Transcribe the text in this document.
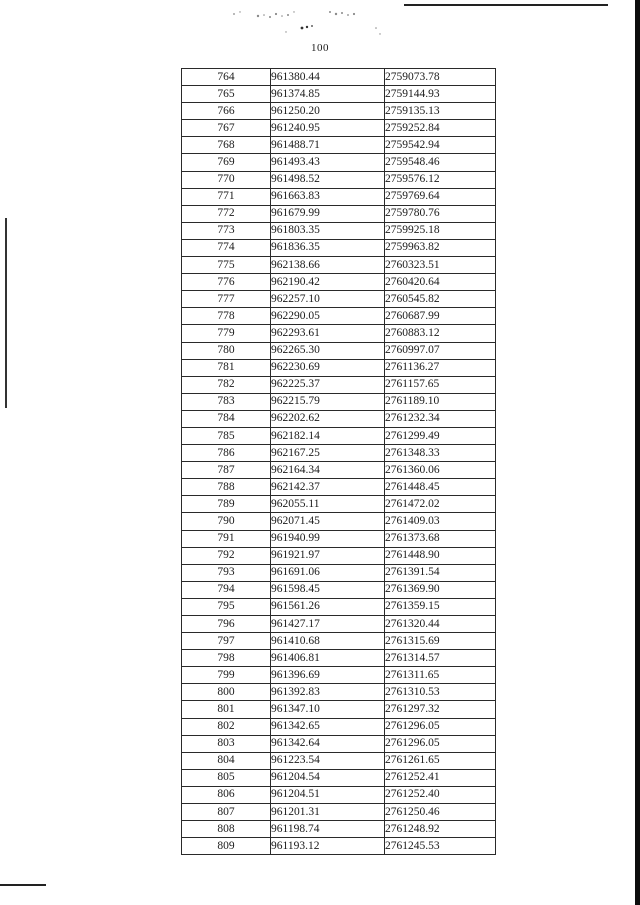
100
764	961380.44	2759073.78
765	961374.85	2759144.93
766	961250.20	2759135.13
767	961240.95	2759252.84
768	961488.71	2759542.94
769	961493.43	2759548.46
770	961498.52	2759576.12
771	961663.83	2759769.64
772	961679.99	2759780.76
773	961803.35	2759925.18
774	961836.35	2759963.82
775	962138.66	2760323.51
776	962190.42	2760420.64
777	962257.10	2760545.82
778	962290.05	2760687.99
779	962293.61	2760883.12
780	962265.30	2760997.07
781	962230.69	2761136.27
782	962225.37	2761157.65
783	962215.79	2761189.10
784	962202.62	2761232.34
785	962182.14	2761299.49
786	962167.25	2761348.33
787	962164.34	2761360.06
788	962142.37	2761448.45
789	962055.11	2761472.02
790	962071.45	2761409.03
791	961940.99	2761373.68
792	961921.97	2761448.90
793	961691.06	2761391.54
794	961598.45	2761369.90
795	961561.26	2761359.15
796	961427.17	2761320.44
797	961410.68	2761315.69
798	961406.81	2761314.57
799	961396.69	2761311.65
800	961392.83	2761310.53
801	961347.10	2761297.32
802	961342.65	2761296.05
803	961342.64	2761296.05
804	961223.54	2761261.65
805	961204.54	2761252.41
806	961204.51	2761252.40
807	961201.31	2761250.46
808	961198.74	2761248.92
809	961193.12	2761245.53
